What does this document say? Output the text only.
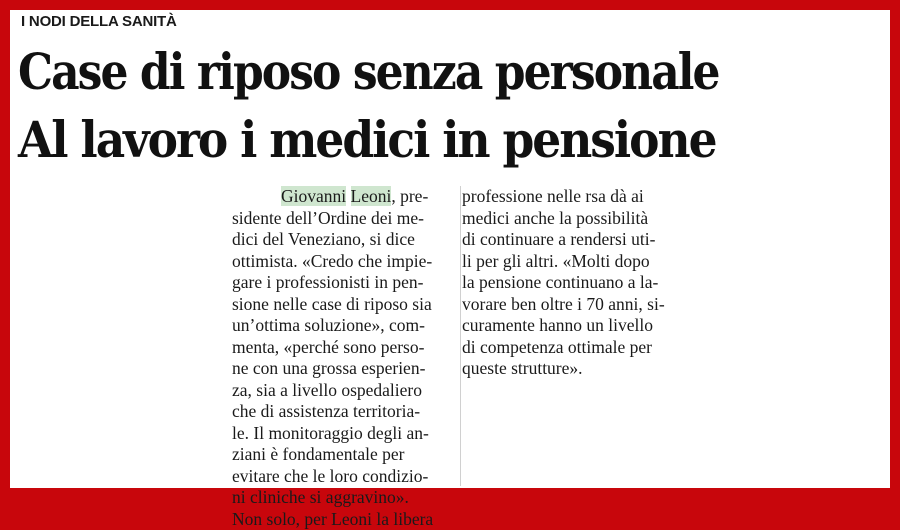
I NODI DELLA SANITÀ
Case di riposo senza personale
Al lavoro i medici in pensione
Giovanni Leoni, pre-
sidente dell’Ordine dei me-
dici del Veneziano, si dice
ottimista. «Credo che impie-
gare i professionisti in pen-
sione nelle case di riposo sia
un’ottima soluzione», com-
menta, «perché sono perso-
ne con una grossa esperien-
za, sia a livello ospedaliero
che di assistenza territoria-
le. Il monitoraggio degli an-
ziani è fondamentale per
evitare che le loro condizio-
ni cliniche si aggravino».
Non solo, per Leoni la libera
professione nelle rsa dà ai
medici anche la possibilità
di continuare a rendersi uti-
li per gli altri. «Molti dopo
la pensione continuano a la-
vorare ben oltre i 70 anni, si-
curamente hanno un livello
di competenza ottimale per
queste strutture».
